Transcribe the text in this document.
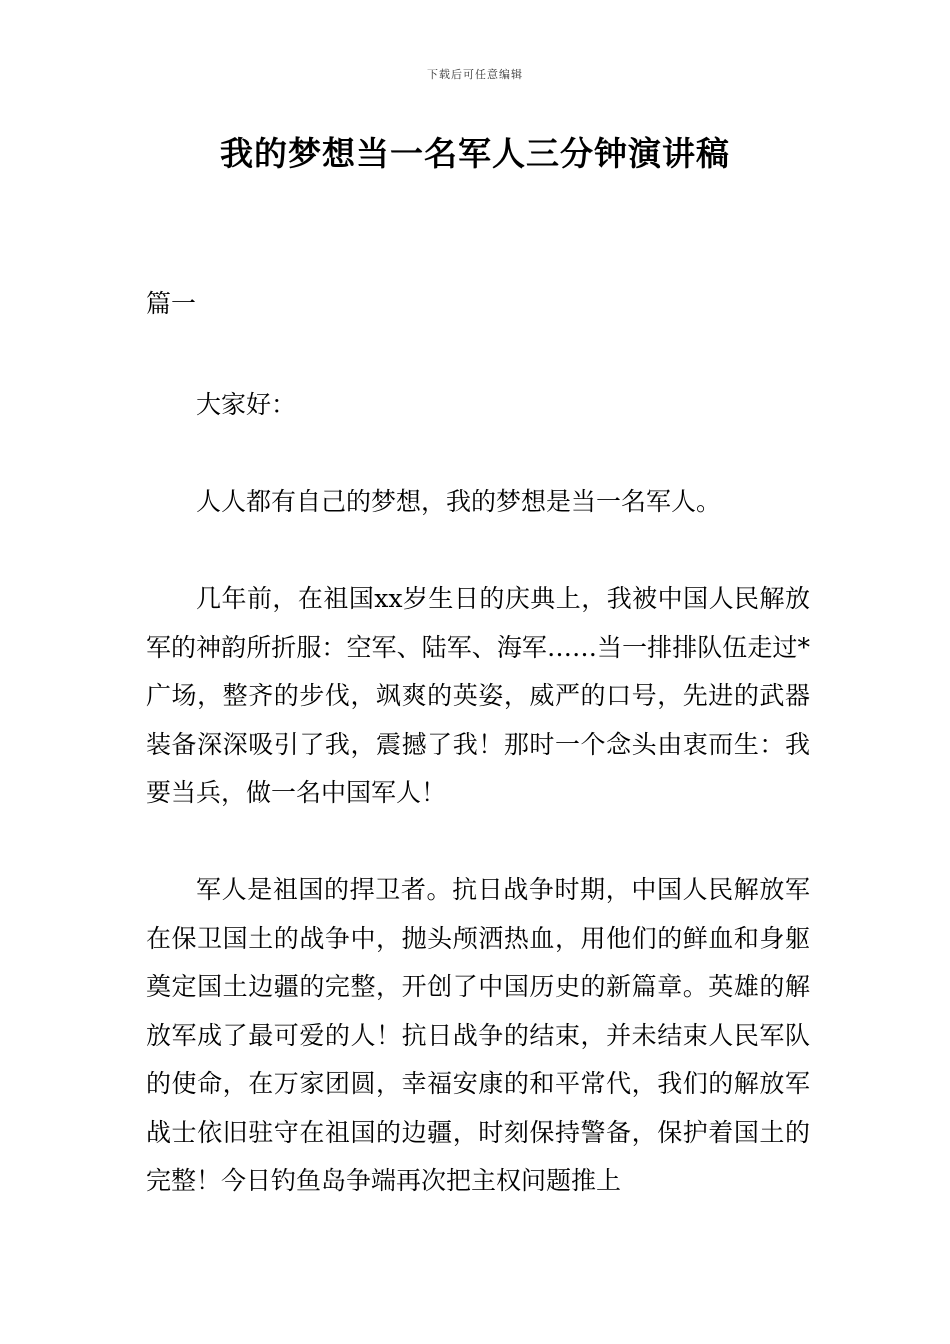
下载后可任意编辑
我的梦想当一名军人三分钟演讲稿

篇一

大家好：

人人都有自己的梦想，我的梦想是当一名军人。

几年前，在祖国xx岁生日的庆典上，我被中国人民解放军的神韵所折服：空军、陆军、海军……当一排排队伍走过*广场，整齐的步伐，飒爽的英姿，威严的口号，先进的武器装备深深吸引了我，震撼了我！那时一个念头由衷而生：我要当兵，做一名中国军人！

军人是祖国的捍卫者。抗日战争时期，中国人民解放军在保卫国土的战争中，抛头颅洒热血，用他们的鲜血和身躯奠定国土边疆的完整，开创了中国历史的新篇章。英雄的解放军成了最可爱的人！抗日战争的结束，并未结束人民军队的使命，在万家团圆，幸福安康的和平常代，我们的解放军战士依旧驻守在祖国的边疆，时刻保持警备，保护着国土的完整！今日钓鱼岛争端再次把主权问题推上
